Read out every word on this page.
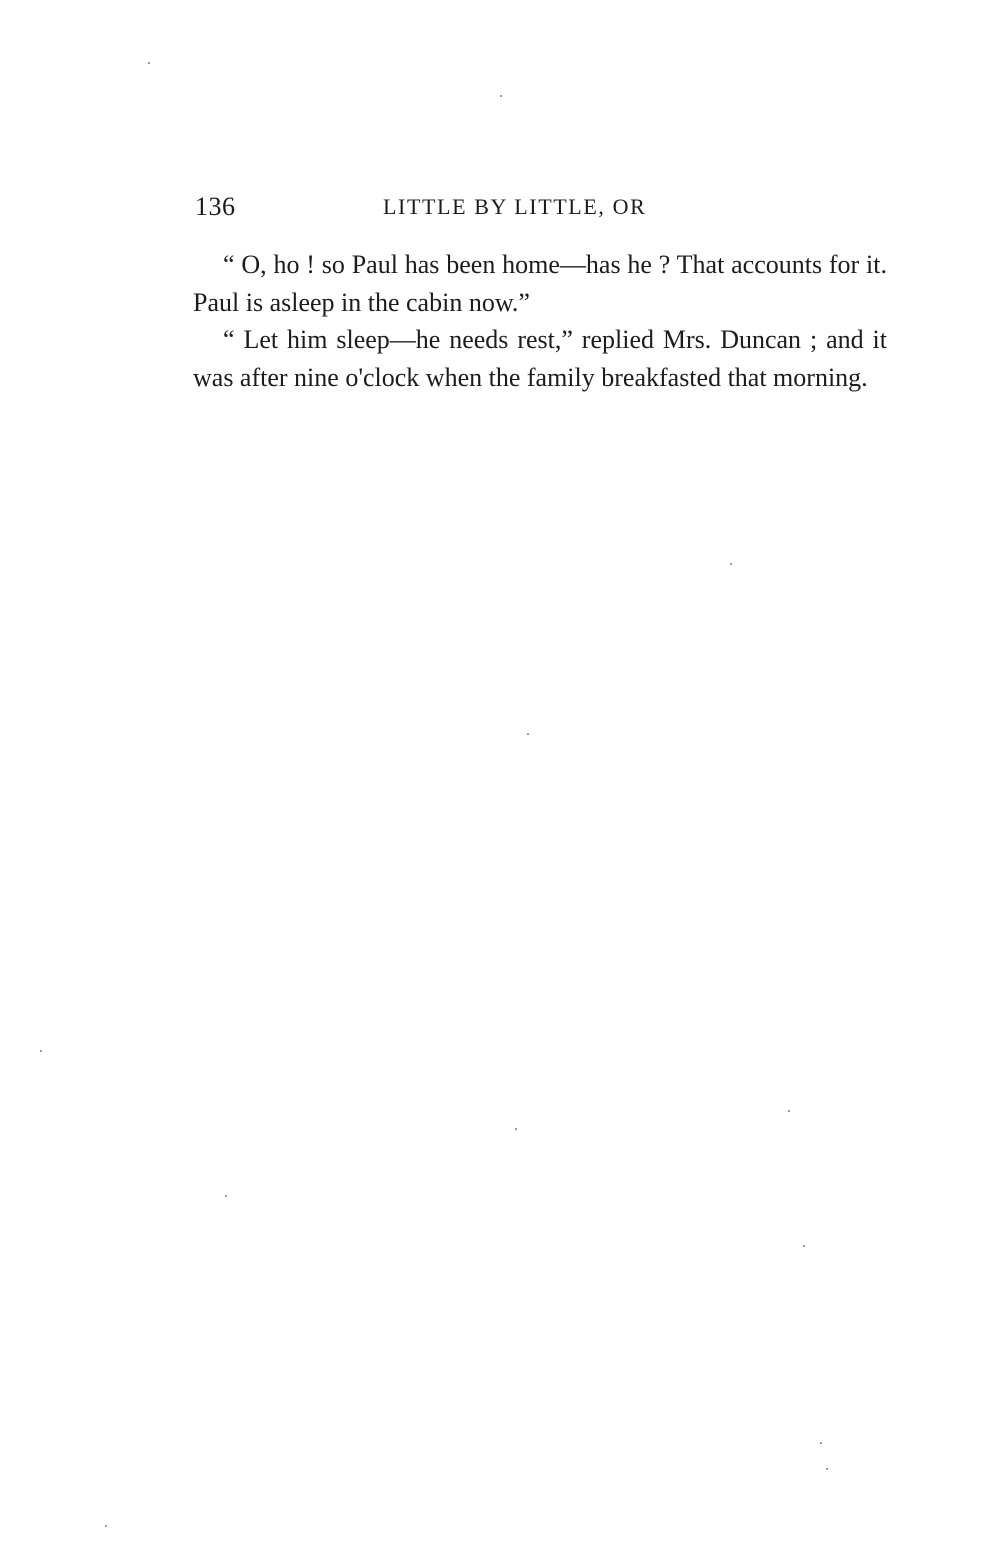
136	LITTLE BY LITTLE, OR

“ O, ho ! so Paul has been home—has he ? That accounts for it. Paul is asleep in the cabin now.”

“ Let him sleep—he needs rest,” replied Mrs. Duncan ; and it was after nine o'clock when the family breakfasted that morning.
